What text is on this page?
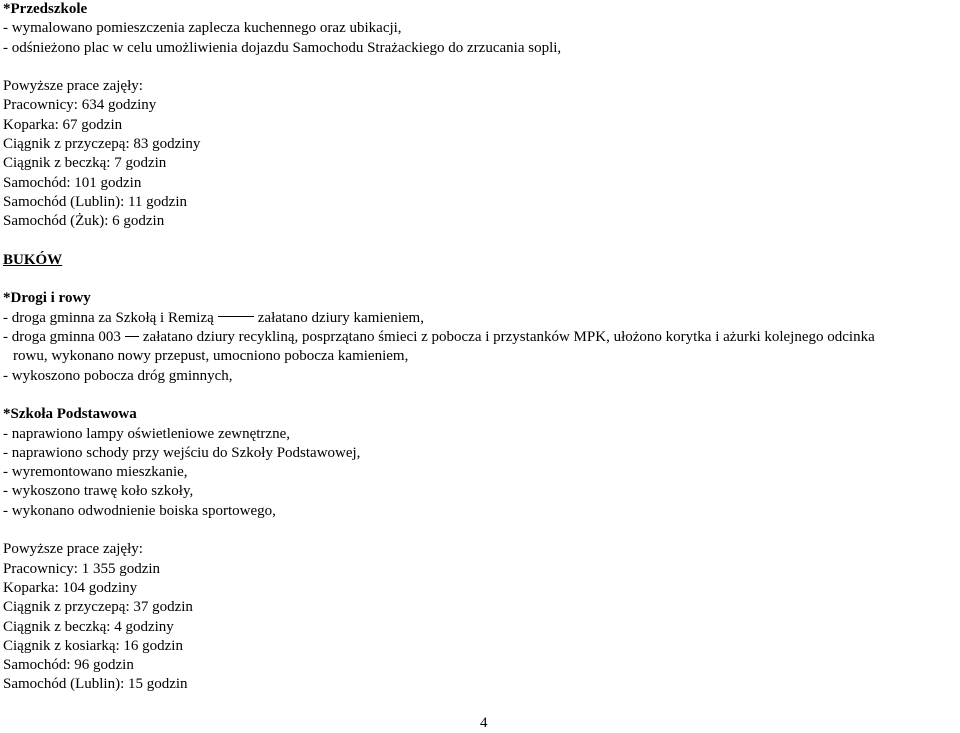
*Przedszkole
- wymalowano pomieszczenia zaplecza kuchennego oraz ubikacji,
- odśnieżono plac w celu umożliwienia dojazdu Samochodu Strażackiego do zrzucania sopli,
Powyższe prace zajęły:
Pracownicy: 634 godziny
Koparka: 67 godzin
Ciągnik z przyczepą: 83 godziny
Ciągnik z beczką: 7 godzin
Samochód: 101 godzin
Samochód (Lublin): 11 godzin
Samochód (Żuk): 6 godzin
BUKÓW
*Drogi i rowy
- droga gminna za Szkołą i Remizą	załatano dziury kamieniem,
- droga gminna 003 załatano dziury recykliną, posprzątano śmieci z pobocza i przystanków MPK, ułożono korytka i ażurki kolejnego odcinka
rowu, wykonano nowy przepust, umocniono pobocza kamieniem,
- wykoszono pobocza dróg gminnych,
*Szkoła Podstawowa
- naprawiono lampy oświetleniowe zewnętrzne,
- naprawiono schody przy wejściu do Szkoły Podstawowej,
- wyremontowano mieszkanie,
- wykoszono trawę koło szkoły,
- wykonano odwodnienie boiska sportowego,
Powyższe prace zajęły:
Pracownicy: 1 355 godzin
Koparka: 104 godziny
Ciągnik z przyczepą: 37 godzin
Ciągnik z beczką: 4 godziny
Ciągnik z kosiarką: 16 godzin
Samochód: 96 godzin
Samochód (Lublin): 15 godzin
4
